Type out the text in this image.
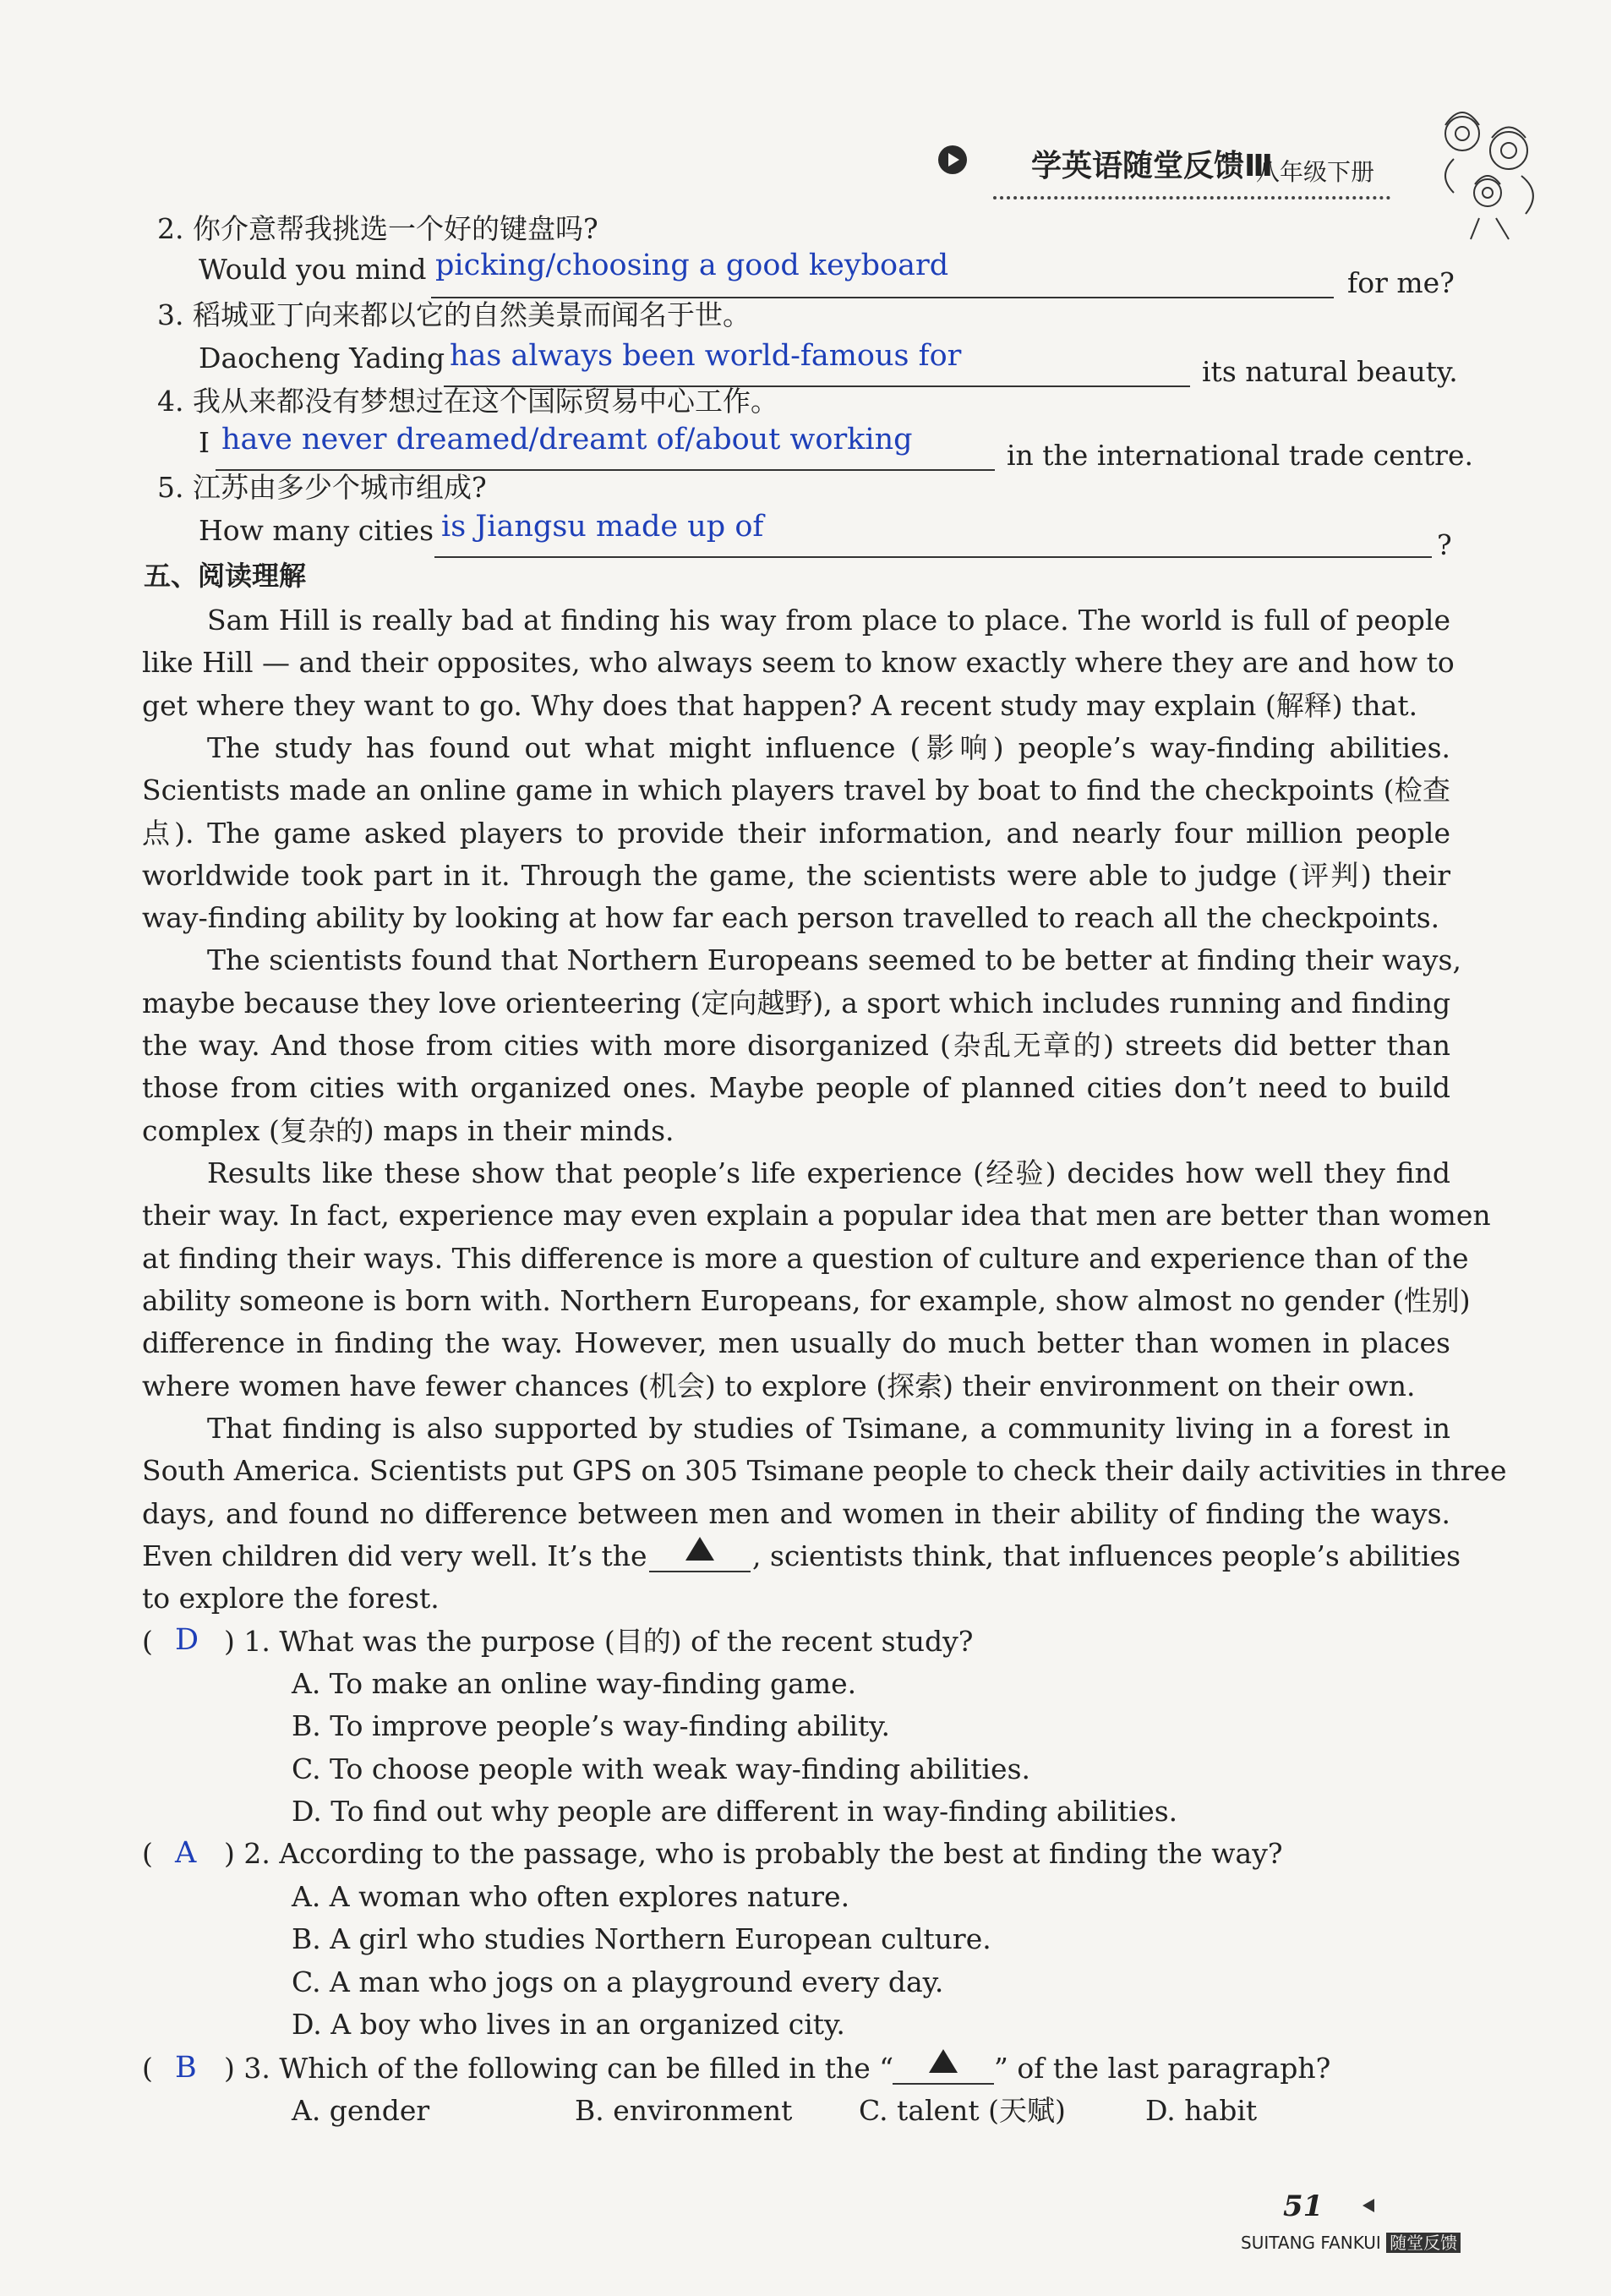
学英语随堂反馈Ⅲ
八年级下册
2. 你介意帮我挑选一个好的键盘吗?
Would you mind picking/choosing a good keyboard
for me?
3. 稻城亚丁向来都以它的自然美景而闻名于世。
Daocheng Yading has always been world-famous for	its natural beauty.
4. 我从来都没有梦想过在这个国际贸易中心工作。
I have never dreamed/dreamt of/about working	in the international trade centre.
5. 江苏由多少个城市组成?
How many cities is Jiangsu made up of
?
五、阅读理解
Sam Hill is really bad at finding his way from place to place. The world is full of people
like Hill — and their opposites, who always seem to know exactly where they are and how to
get where they want to go. Why does that happen? A recent study may explain (解释) that.
The study has found out what might influence (影响) people’s way-finding abilities.
Scientists made an online game in which players travel by boat to find the checkpoints (检查
点). The game asked players to provide their information, and nearly four million people
worldwide took part in it. Through the game, the scientists were able to judge (评判) their
way-finding ability by looking at how far each person travelled to reach all the checkpoints.
The scientists found that Northern Europeans seemed to be better at finding their ways,
maybe because they love orienteering (定向越野), a sport which includes running and finding
the way. And those from cities with more disorganized (杂乱无章的) streets did better than
those from cities with organized ones. Maybe people of planned cities don’t need to build
complex (复杂的) maps in their minds.
Results like these show that people’s life experience (经验) decides how well they find
their way. In fact, experience may even explain a popular idea that men are better than women
at finding their ways. This difference is more a question of culture and experience than of the
ability someone is born with. Northern Europeans, for example, show almost no gender (性别)
difference in finding the way. However, men usually do much better than women in places
where women have fewer chances (机会) to explore (探索) their environment on their own.
That finding is also supported by studies of Tsimane, a community living in a forest in
South America. Scientists put GPS on 305 Tsimane people to check their daily activities in three
days, and found no difference between men and women in their ability of finding the ways.
Even children did very well. It’s the	, scientists think, that influences people’s abilities
to explore the forest.
( D ) 1. What was the purpose (目的) of the recent study?
A. To make an online way-finding game.
B. To improve people’s way-finding ability.
C. To choose people with weak way-finding abilities.
D. To find out why people are different in way-finding abilities.
( A ) 2. According to the passage, who is probably the best at finding the way?
A. A woman who often explores nature.
B. A girl who studies Northern European culture.
C. A man who jogs on a playground every day.
D. A boy who lives in an organized city.
( B ) 3. Which of the following can be filled in the “	” of the last paragraph?
A. gender	B. environment C. talent (天赋)	D. habit
51
SUITANG FANKUI 随堂反馈
